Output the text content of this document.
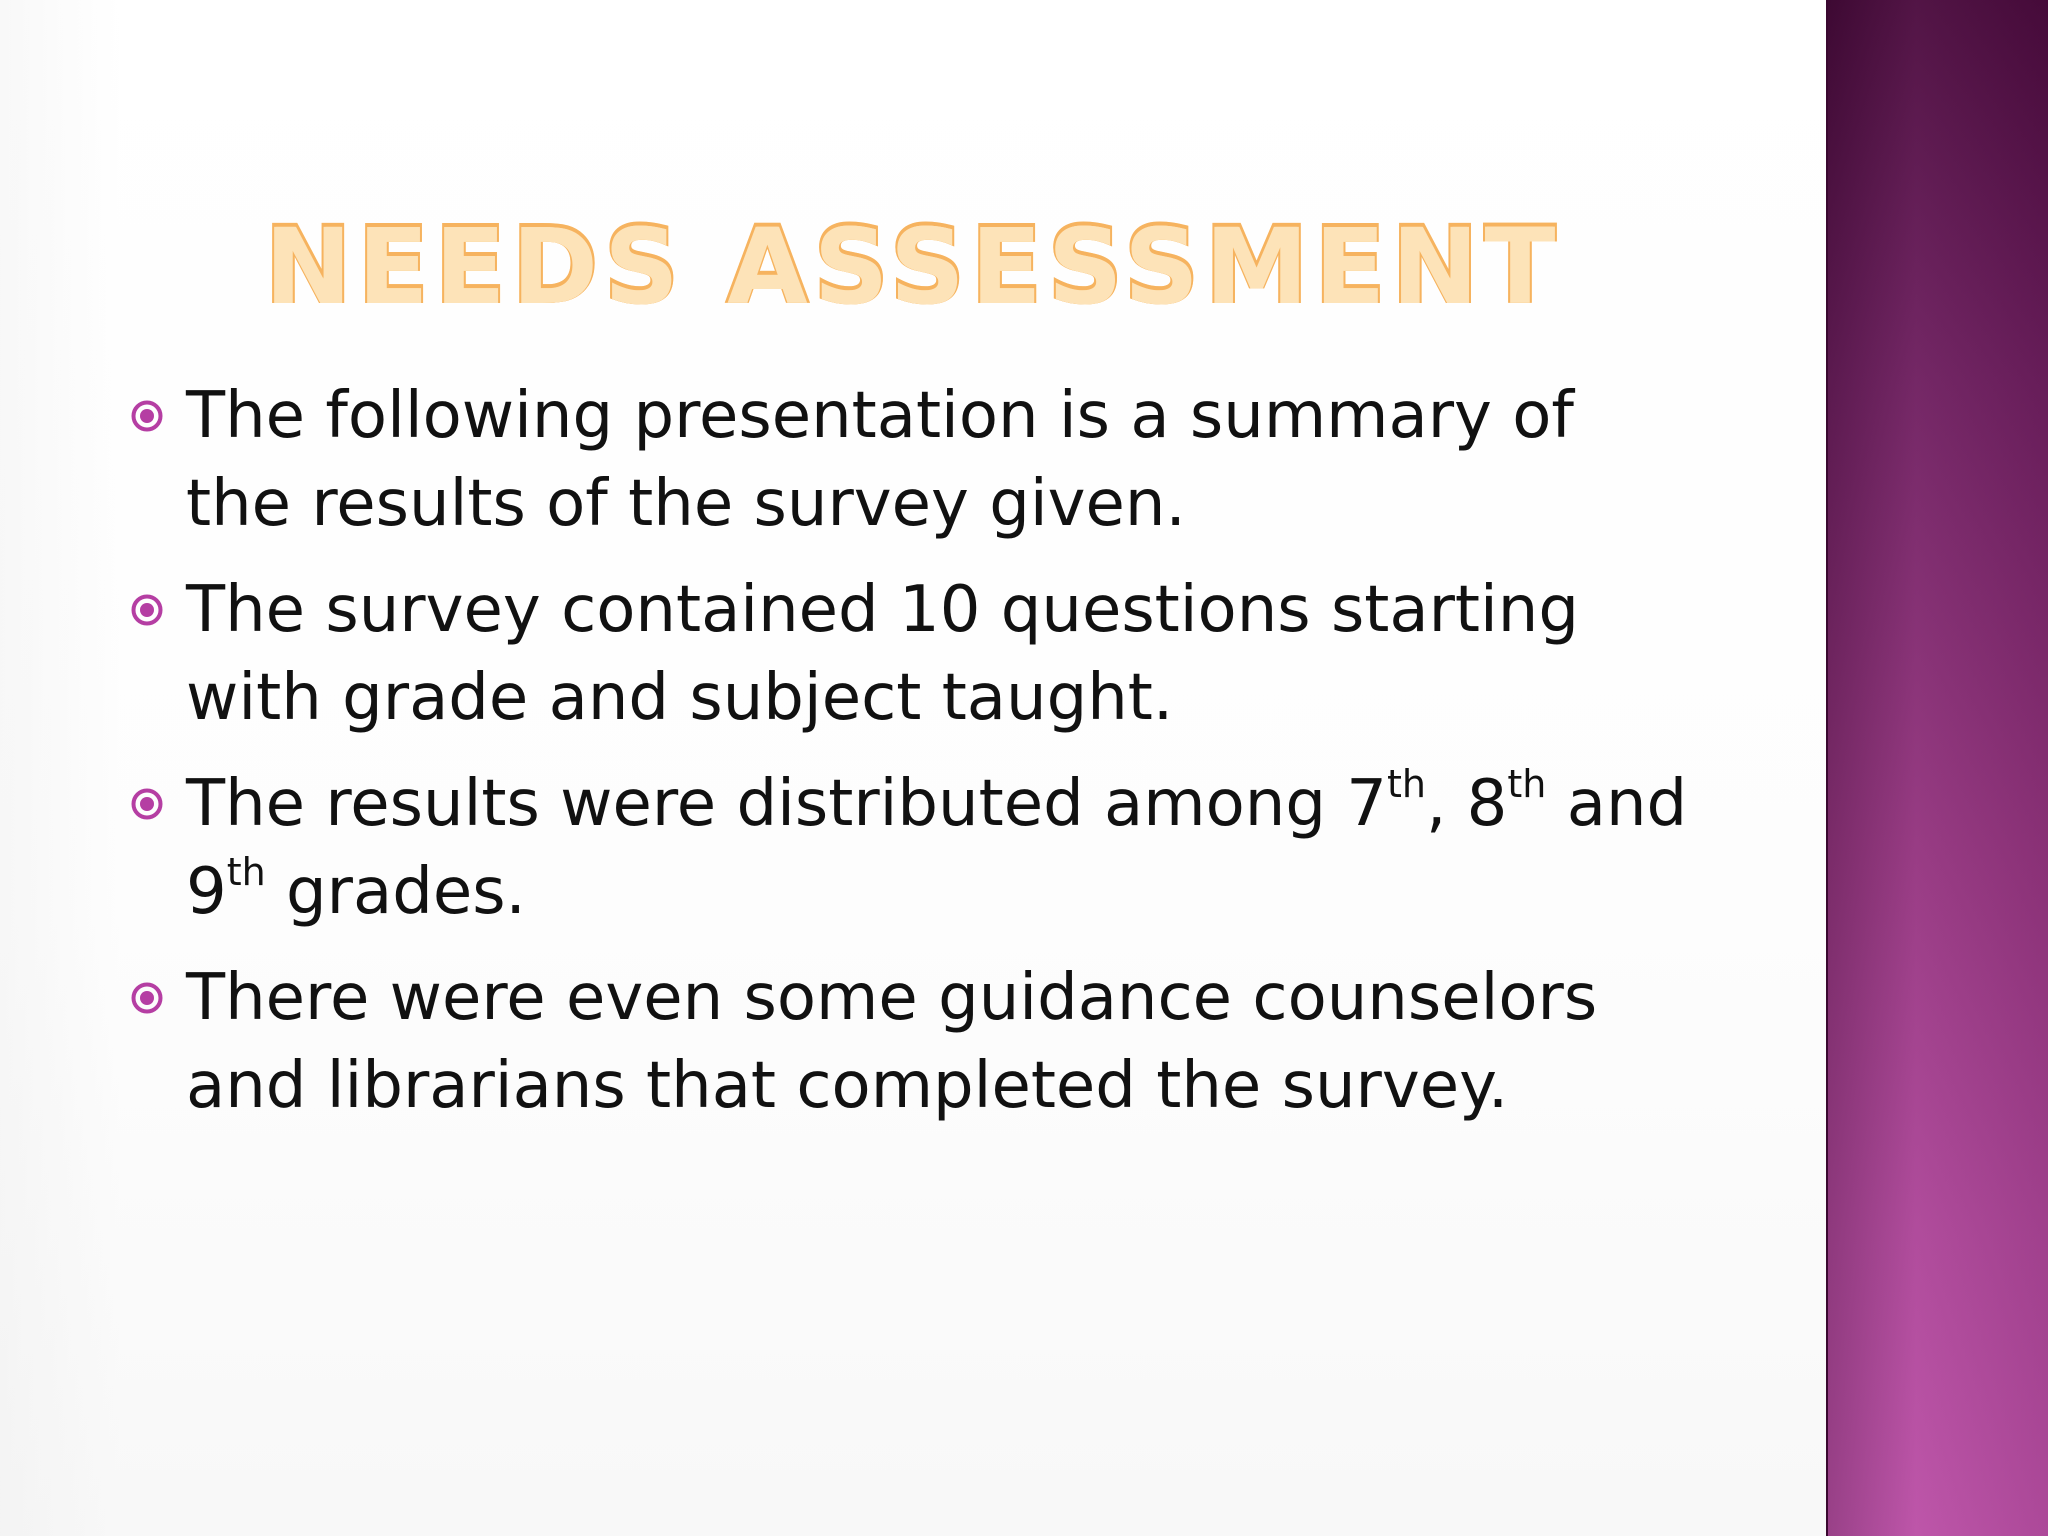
NEEDS ASSESSMENT
The following presentation is a summary of the results of the survey given.
The survey contained 10 questions starting with grade and subject taught.
The results were distributed among 7th, 8th and 9th grades.
There were even some guidance counselors and librarians that completed the survey.
